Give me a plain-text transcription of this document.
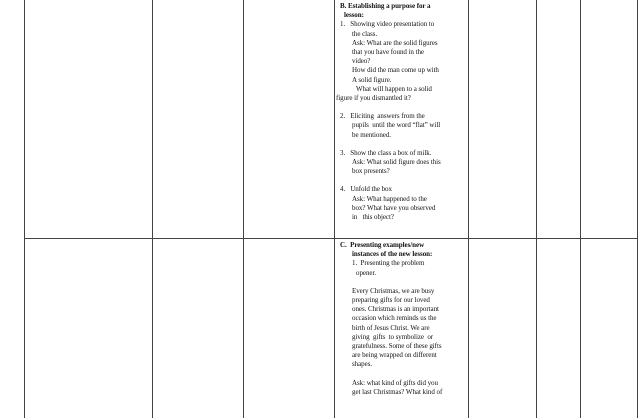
B. Establishing a purpose for a
lesson:
1.   Showing video presentation to
the class.
Ask: What are the solid figures
that you have found in the
video?
How did the man come up with
A solid figure.
What will happen to a solid
figure if you dismantled it?
2.   Eliciting  answers from the
pupils  until the word “flat” will
be mentioned.
3.   Show the class a box of milk.
Ask: What solid figure does this
box presents?
4.   Unfold the box
Ask: What happened to the
box? What have you observed
in   this object?
C.  Presenting examples/new
instances of the new lesson:
1.  Presenting the problem
opener.
Every Christmas, we are busy
preparing gifts for our loved
ones. Christmas is an important
occasion which reminds us the
birth of Jesus Christ. We are
giving  gifts  to symbolize  or
gratefulness. Some of these gifts
are being wrapped on different
shapes.
Ask: what kind of gifts did you
get last Christmas? What kind of
